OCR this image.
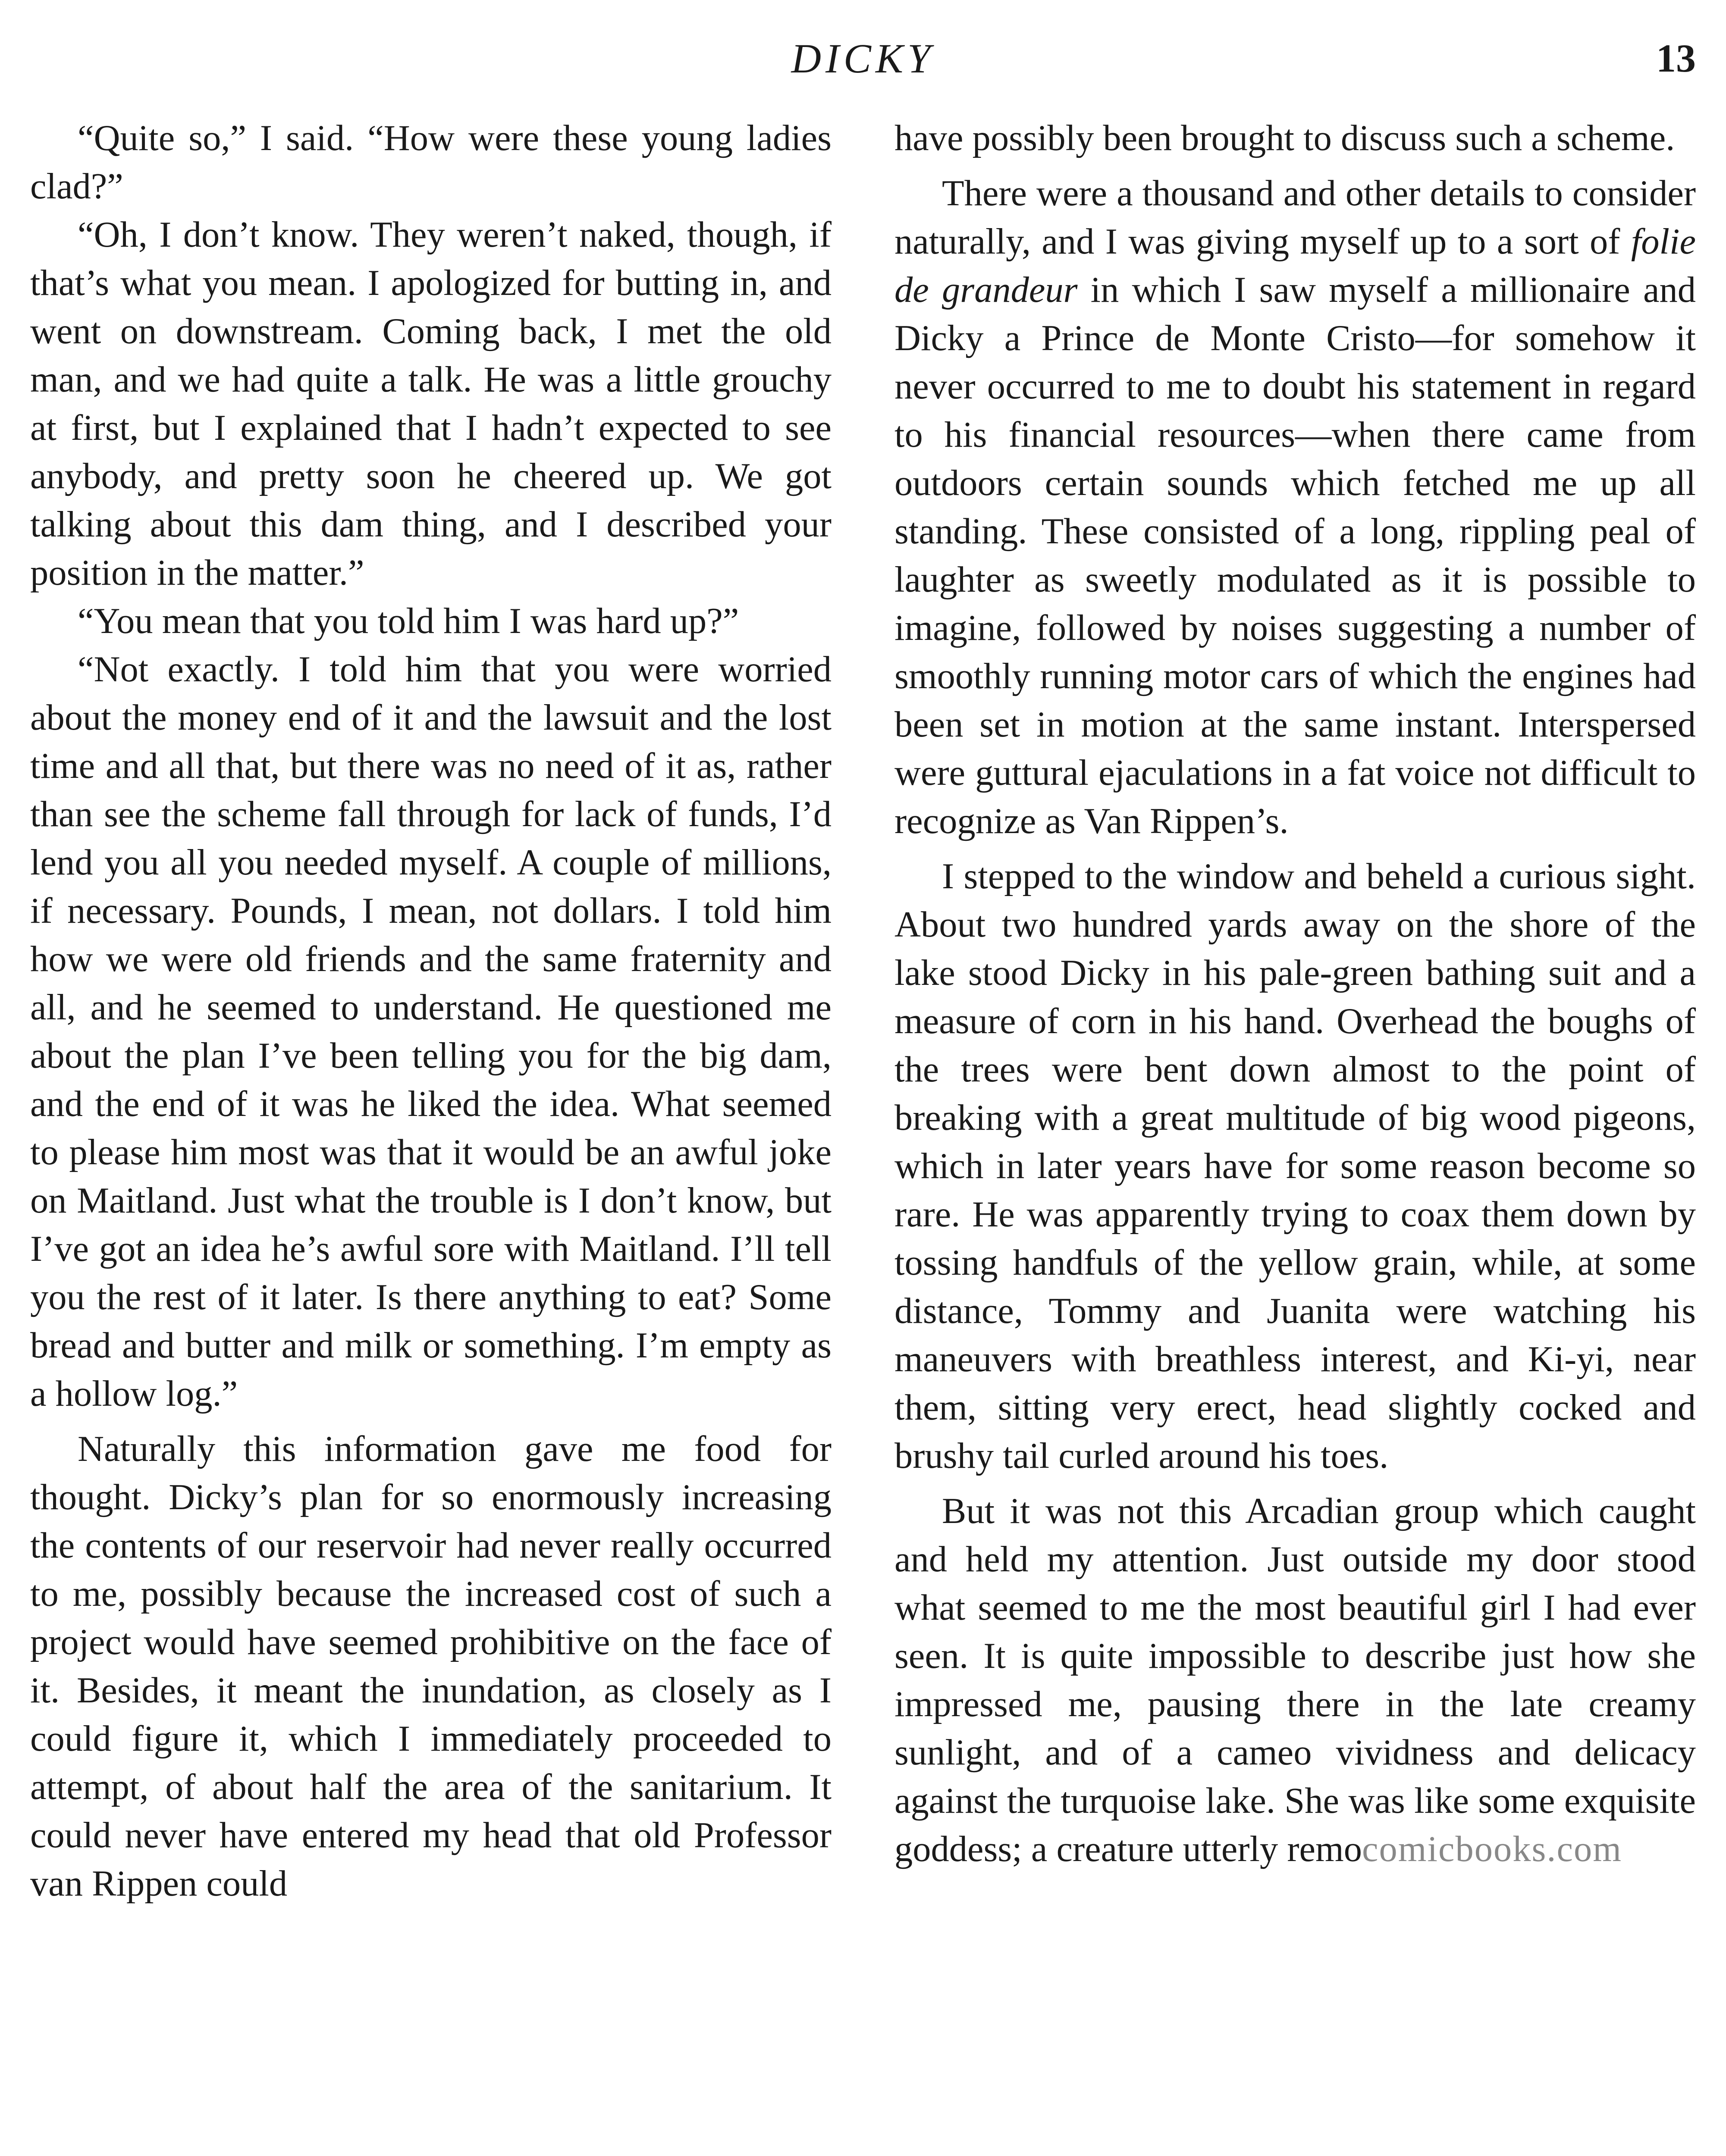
DICKY	13

“Quite so,” I said. “How were these young ladies clad?”

“Oh, I don’t know. They weren’t naked, though, if that’s what you mean. I apologized for butting in, and went on downstream. Coming back, I met the old man, and we had quite a talk. He was a little grouchy at first, but I explained that I hadn’t expected to see anybody, and pretty soon he cheered up. We got talking about this dam thing, and I described your position in the matter.”

“You mean that you told him I was hard up?”

“Not exactly. I told him that you were worried about the money end of it and the lawsuit and the lost time and all that, but there was no need of it as, rather than see the scheme fall through for lack of funds, I’d lend you all you needed myself. A couple of millions, if necessary. Pounds, I mean, not dollars. I told him how we were old friends and the same fraternity and all, and he seemed to understand. He questioned me about the plan I’ve been telling you for the big dam, and the end of it was he liked the idea. What seemed to please him most was that it would be an awful joke on Maitland. Just what the trouble is I don’t know, but I’ve got an idea he’s awful sore with Maitland. I’ll tell you the rest of it later. Is there anything to eat? Some bread and butter and milk or something. I’m empty as a hollow log.”

Naturally this information gave me food for thought. Dicky’s plan for so enormously increasing the contents of our reservoir had never really occurred to me, possibly because the increased cost of such a project would have seemed prohibitive on the face of it. Besides, it meant the inundation, as closely as I could figure it, which I immediately proceeded to attempt, of about half the area of the sanitarium. It could never have entered my head that old Professor van Rippen could

have possibly been brought to discuss such a scheme.

There were a thousand and other details to consider naturally, and I was giving myself up to a sort of folie de grandeur in which I saw myself a millionaire and Dicky a Prince de Monte Cristo—for somehow it never occurred to me to doubt his statement in regard to his financial resources—when there came from outdoors certain sounds which fetched me up all standing. These consisted of a long, rippling peal of laughter as sweetly modulated as it is possible to imagine, followed by noises suggesting a number of smoothly running motor cars of which the engines had been set in motion at the same instant. Interspersed were guttural ejaculations in a fat voice not difficult to recognize as Van Rippen’s.

I stepped to the window and beheld a curious sight. About two hundred yards away on the shore of the lake stood Dicky in his pale-green bathing suit and a measure of corn in his hand. Overhead the boughs of the trees were bent down almost to the point of breaking with a great multitude of big wood pigeons, which in later years have for some reason become so rare. He was apparently trying to coax them down by tossing handfuls of the yellow grain, while, at some distance, Tommy and Juanita were watching his maneuvers with breathless interest, and Ki-yi, near them, sitting very erect, head slightly cocked and brushy tail curled around his toes.

But it was not this Arcadian group which caught and held my attention. Just outside my door stood what seemed to me the most beautiful girl I had ever seen. It is quite impossible to describe just how she impressed me, pausing there in the late creamy sunlight, and of a cameo vividness and delicacy against the turquoise lake. She was like some exquisite goddess; a creature utterly remocomicbooks.com
